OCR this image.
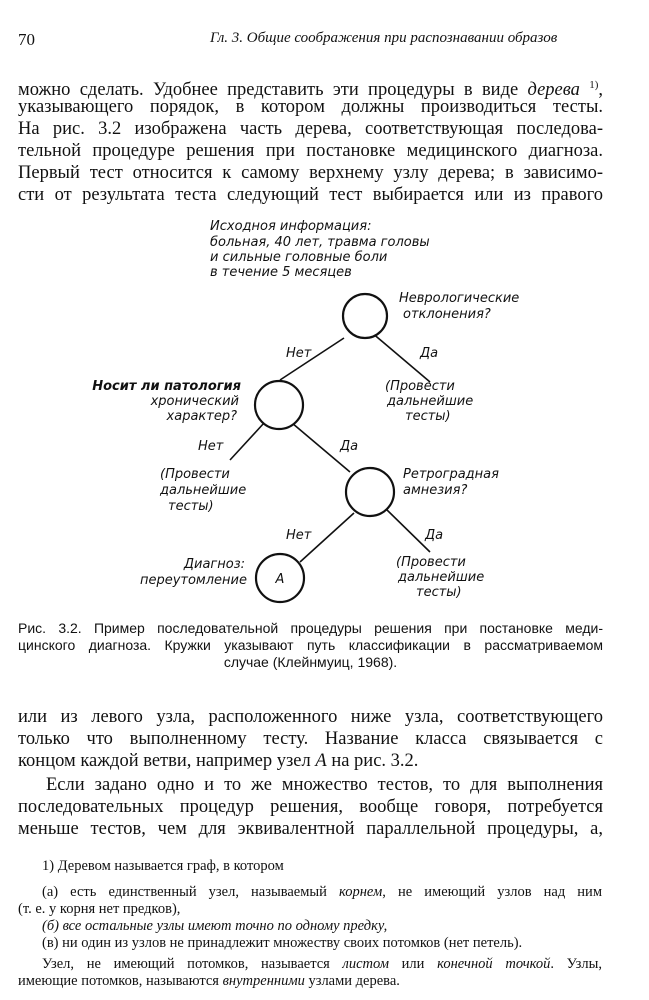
70	Гл. 3. Общие соображения при распознавании образов
можно сделать. Удобнее представить эти процедуры в виде дерева $^{1)}$,
указывающего порядок, в котором должны производиться тесты.
На рис. 3.2 изображена часть дерева, соответствующая последова-
тельной процедуре решения при постановке медицинского диагноза.
Первый тест относится к самому верхнему узлу дерева; в зависимо-
сти от результата теста следующий тест выбирается или из правого
А
Исходноя информация:
больная, 40 лет, травма головы
и сильные головные боли
в течение 5 месяцев
Неврологические
отклонения?
Нет	Да
(Провести
дальнейшие
тесты)
Носит ли патология
хронический
характер?
Нет	Да
(Провести
дальнейшие
тесты)
Ретроградная
амнезия?
Нет	Да
Диагноз:
переутомление
(Провести
дальнейшие
тесты)
Рис. 3.2. Пример последовательной процедуры решения при постановке меди-
цинского диагноза. Кружки указывают путь классификации в рассматриваемом
случае (Клейнмуиц, 1968).
или из левого узла, расположенного ниже узла, соответствующего
только что выполненному тесту. Название класса связывается с
концом каждой ветви, например узел А на рис. 3.2.
Если задано одно и то же множество тестов, то для выполнения
последовательных процедур решения, вообще говоря, потребуется
меньше тестов, чем для эквивалентной параллельной процедуры, а,
1) Деревом называется граф, в котором
(а) есть единственный узел, называемый корнем, не имеющий узлов над ним
(т. е. у корня нет предков),
(б) все остальные узлы имеют точно по одному предку,
(в) ни один из узлов не принадлежит множеству своих потомков (нет петель).
Узел, не имеющий потомков, называется листом или конечной точкой. Узлы,
имеющие потомков, называются внутренними узлами дерева.
